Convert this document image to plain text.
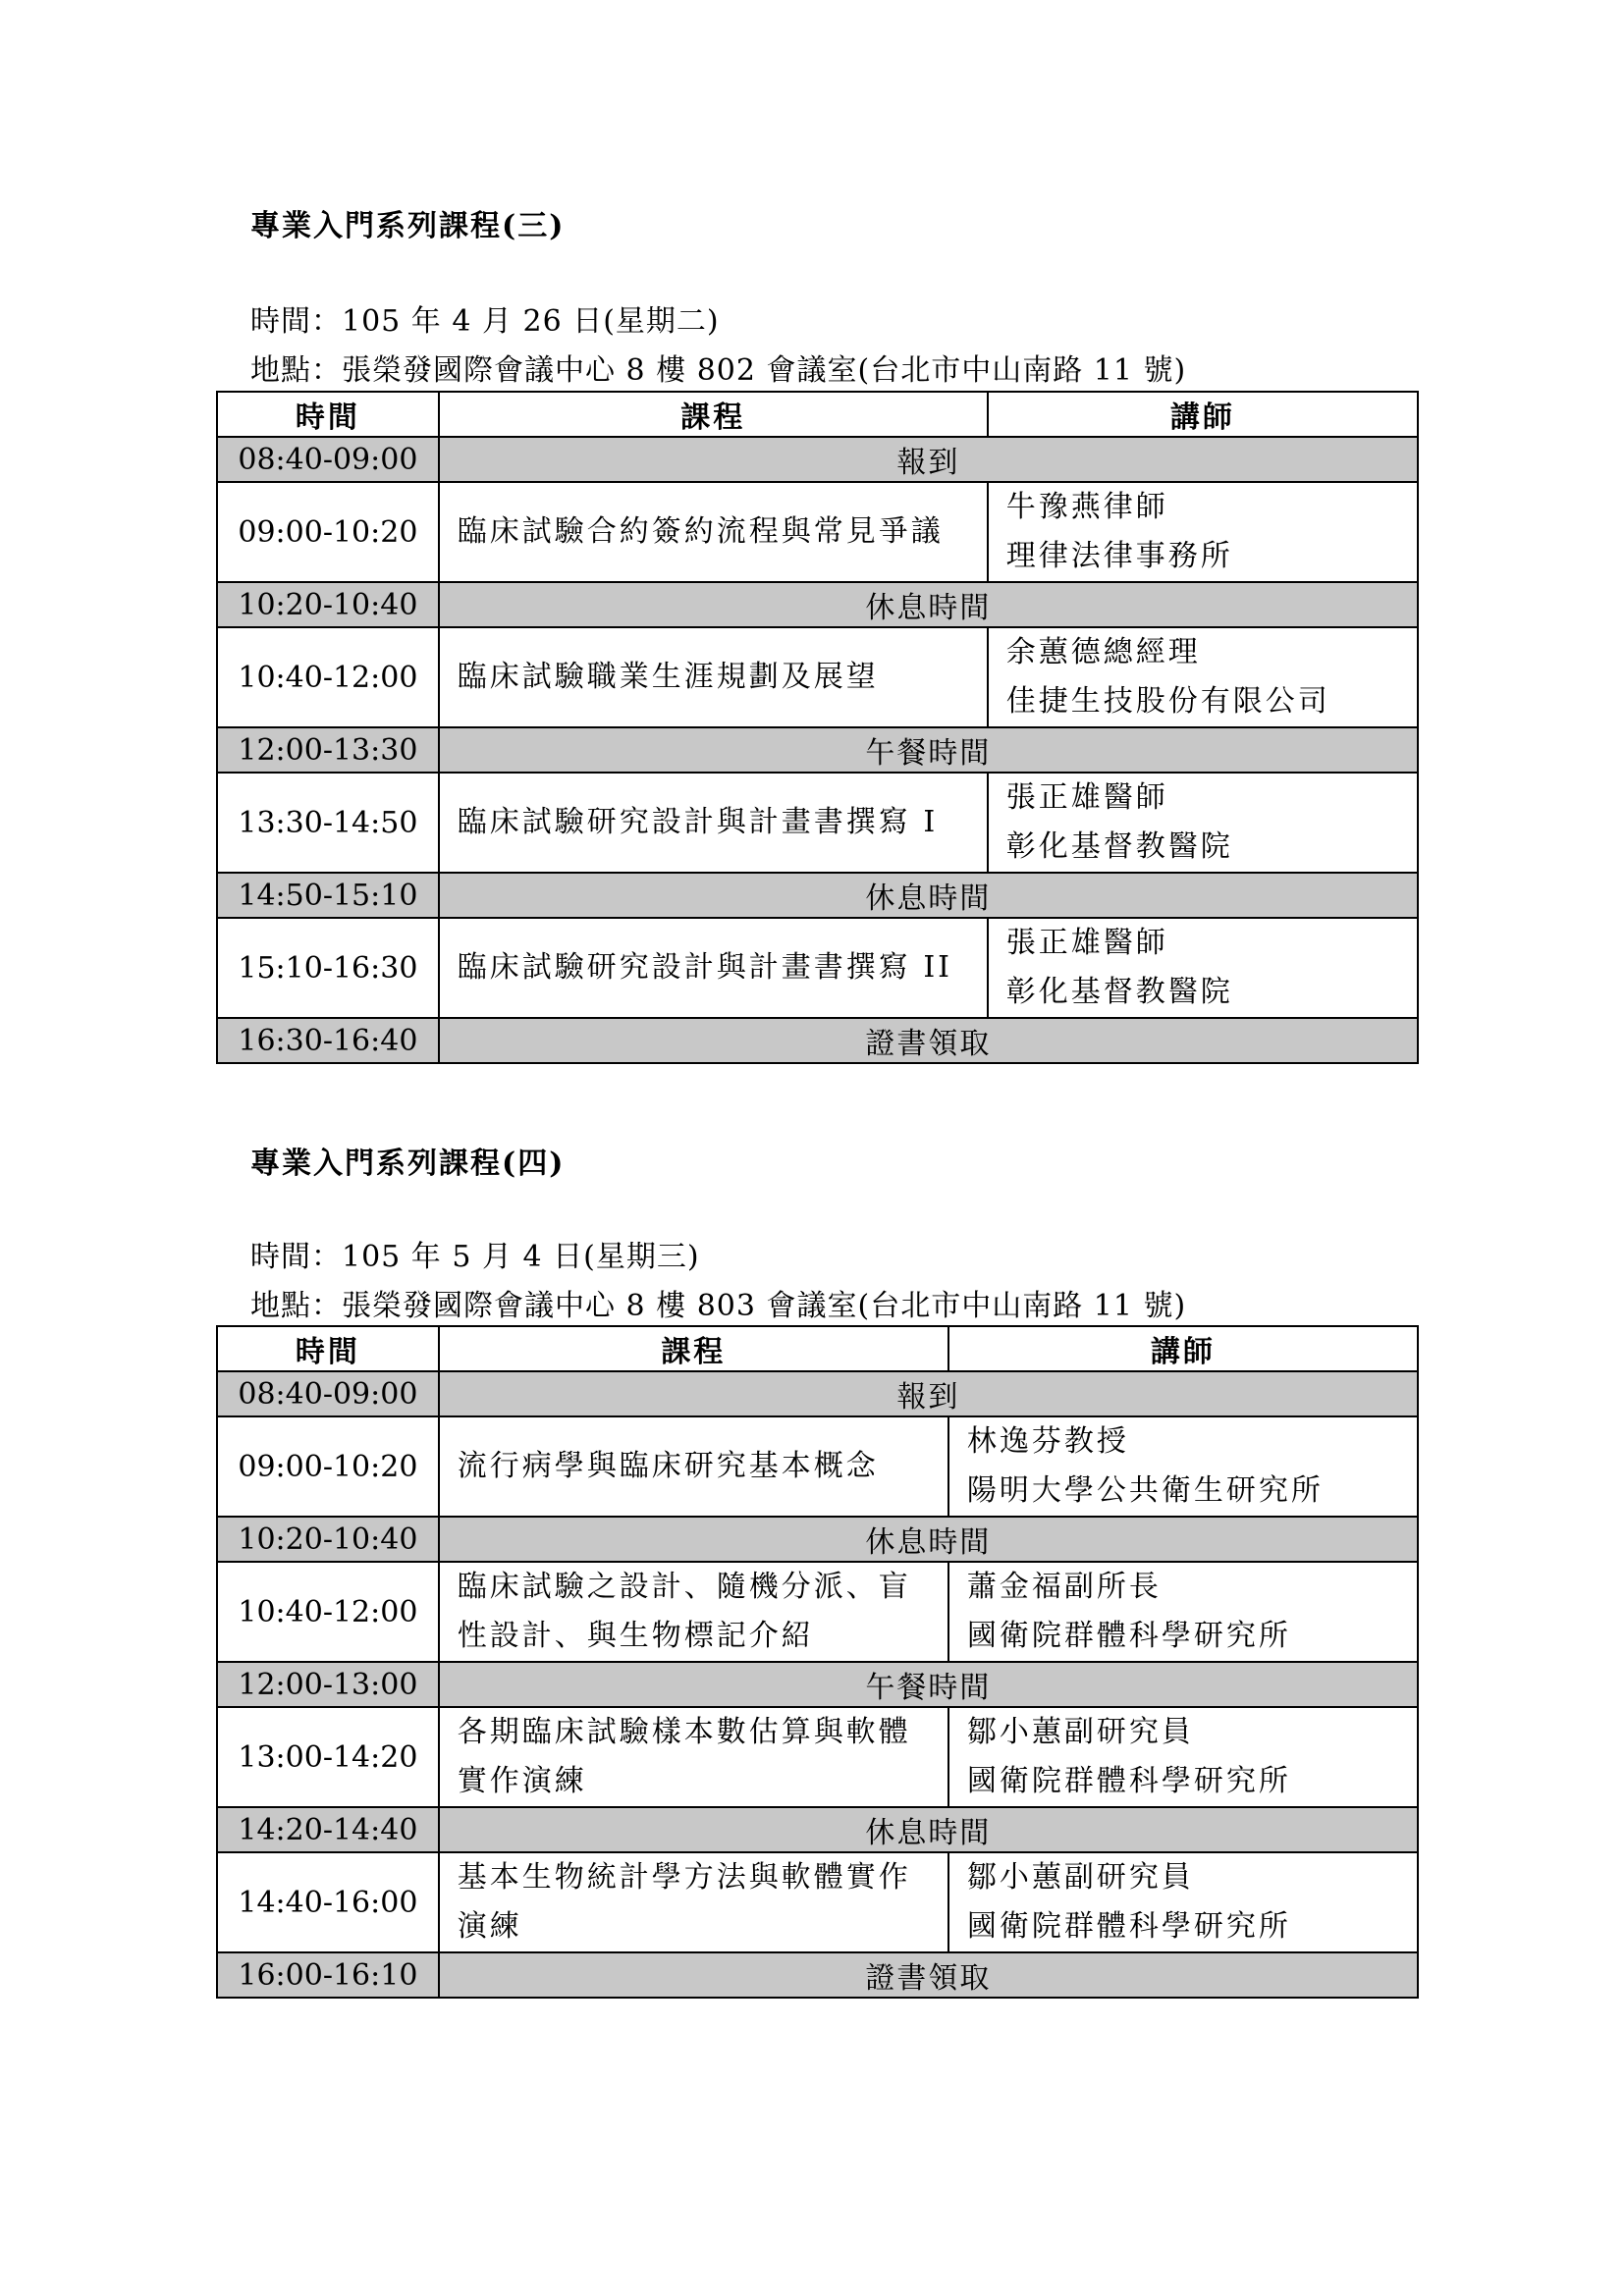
專業入門系列課程(三)
時間：105 年 4 月 26 日(星期二)
地點：張榮發國際會議中心 8 樓 802 會議室(台北市中山南路 11 號)
時間	課程	講師
08:40-09:00	報到	
09:00-10:20	臨床試驗合約簽約流程與常見爭議	牛豫燕律師
理律法律事務所

10:20-10:40	休息時間	
10:40-12:00	臨床試驗職業生涯規劃及展望	余蕙德總經理
佳捷生技股份有限公司

12:00-13:30	午餐時間	
13:30-14:50	臨床試驗研究設計與計畫書撰寫 I	張正雄醫師
彰化基督教醫院

14:50-15:10	休息時間	
15:10-16:30	臨床試驗研究設計與計畫書撰寫 II	張正雄醫師
彰化基督教醫院

16:30-16:40	證書領取	
專業入門系列課程(四)
時間：105 年 5 月 4 日(星期三)
地點：張榮發國際會議中心 8 樓 803 會議室(台北市中山南路 11 號)
時間	課程	講師
08:40-09:00	報到	
09:00-10:20	流行病學與臨床研究基本概念	林逸芬教授
陽明大學公共衛生研究所

10:20-10:40	休息時間	
10:40-12:00	臨床試驗之設計、隨機分派、盲
性設計、與生物標記介紹	蕭金福副所長
國衛院群體科學研究所

12:00-13:00	午餐時間	
13:00-14:20	各期臨床試驗樣本數估算與軟體
實作演練	鄒小蕙副研究員
國衛院群體科學研究所

14:20-14:40	休息時間	
14:40-16:00	基本生物統計學方法與軟體實作
演練	鄒小蕙副研究員
國衛院群體科學研究所

16:00-16:10	證書領取	
